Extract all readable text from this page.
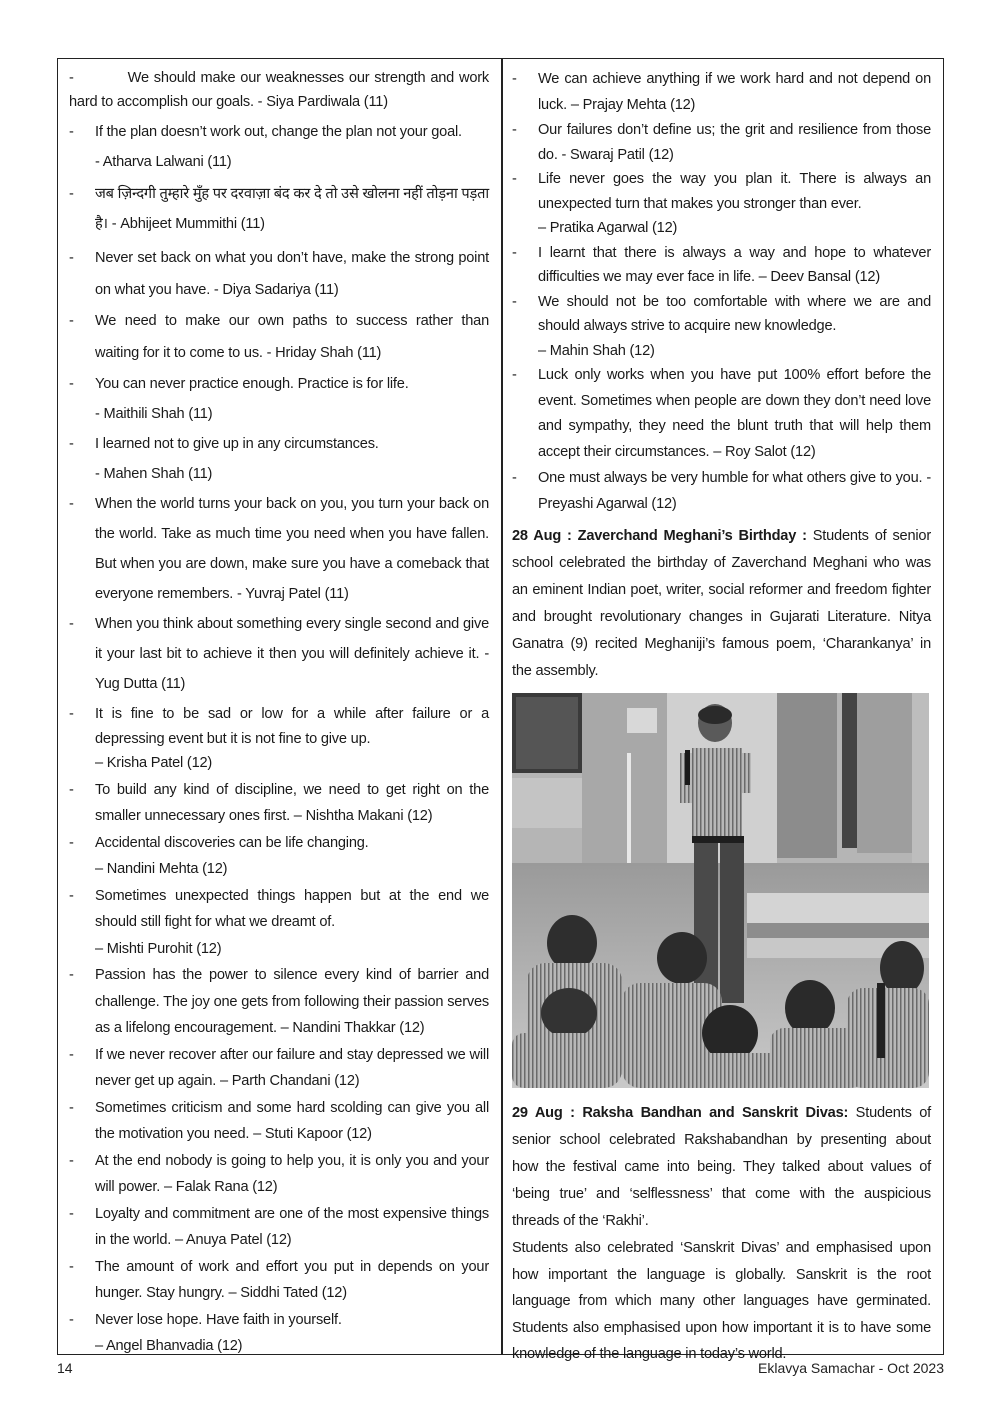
-	We should make our weaknesses our strength and work hard to accomplish our goals. - Siya Pardiwala (11)
- If the plan doesn’t work out, change the plan not your goal.

- Atharva Lalwani (11)
- जब ज़िन्दगी तुम्हारे मुँह पर दरवाज़ा बंद कर दे तो उसे खोलना नहीं तोड़ना पड़ता है। - Abhijeet Mummithi (11)

- Never set back on what you don’t have, make the strong point on what you have. - Diya Sadariya (11)

- We need to make our own paths to success rather than waiting for it to come to us. - Hriday Shah (11)

- You can never practice enough. Practice is for life.

- Maithili Shah (11)
- I learned not to give up in any circumstances.

- Mahen Shah (11)
- When the world turns your back on you, you turn your back on the world. Take as much time you need when you have fallen. But when you are down, make sure you have a comeback that everyone remembers. - Yuvraj Patel (11)

- When you think about something every single second and give it your last bit to achieve it then you will definitely achieve it. - Yug Dutta (11)

- It is fine to be sad or low for a while after failure or a depressing event but it is not fine to give up.

– Krisha Patel (12)
- To build any kind of discipline, we need to get right on the smaller unnecessary ones first. – Nishtha Makani (12)

- Accidental discoveries can be life changing.

– Nandini Mehta (12)
- Sometimes unexpected things happen but at the end we should still fight for what we dreamt of.

– Mishti Purohit (12)
- Passion has the power to silence every kind of barrier and challenge. The joy one gets from following their passion serves as a lifelong encouragement. – Nandini Thakkar (12)

- If we never recover after our failure and stay depressed we will never get up again. – Parth Chandani (12)

- Sometimes criticism and some hard scolding can give you all the motivation you need. – Stuti Kapoor (12)

- At the end nobody is going to help you, it is only you and your will power. – Falak Rana (12)

- Loyalty and commitment are one of the most expensive things in the world. – Anuya Patel (12)

- The amount of work and effort you put in depends on your hunger. Stay hungry. – Siddhi Tated (12)

- Never lose hope. Have faith in yourself.

– Angel Bhanvadia (12)
- We can achieve anything if we work hard and not depend on luck. – Prajay Mehta (12)

- Our failures don’t define us; the grit and resilience from those do. - Swaraj Patil (12)

- Life never goes the way you plan it. There is always an unexpected turn that makes you stronger than ever.

– Pratika Agarwal (12)
- I learnt that there is always a way and hope to whatever difficulties we may ever face in life. – Deev Bansal (12)

- We should not be too comfortable with where we are and should always strive to acquire new knowledge.

– Mahin Shah (12)
- Luck only works when you have put 100% effort before the event. Sometimes when people are down they don’t need love and sympathy, they need the blunt truth that will help them accept their circumstances. – Roy Salot (12)

- One must always be very humble for what others give to you. - Preyashi Agarwal (12)

28 Aug : Zaverchand Meghani’s Birthday : Students of senior school celebrated the birthday of Zaverchand Meghani who was an eminent Indian poet, writer, social reformer and freedom fighter and brought revolutionary changes in Gujarati Literature. Nitya Ganatra (9) recited Meghaniji’s famous poem, ‘Charankanya’ in the assembly.

29 Aug : Raksha Bandhan and Sanskrit Divas: Students of senior school celebrated Rakshabandhan by presenting about how the festival came into being. They talked about values of ‘being true’ and ‘selflessness’ that come with the auspicious threads of the ‘Rakhi’.

Students also celebrated ‘Sanskrit Divas’ and emphasised upon how important the language is globally. Sanskrit is the root language from which many other languages have germinated. Students also emphasised upon how important it is to have some knowledge of the language in today’s world.

14	Eklavya Samachar - Oct 2023
